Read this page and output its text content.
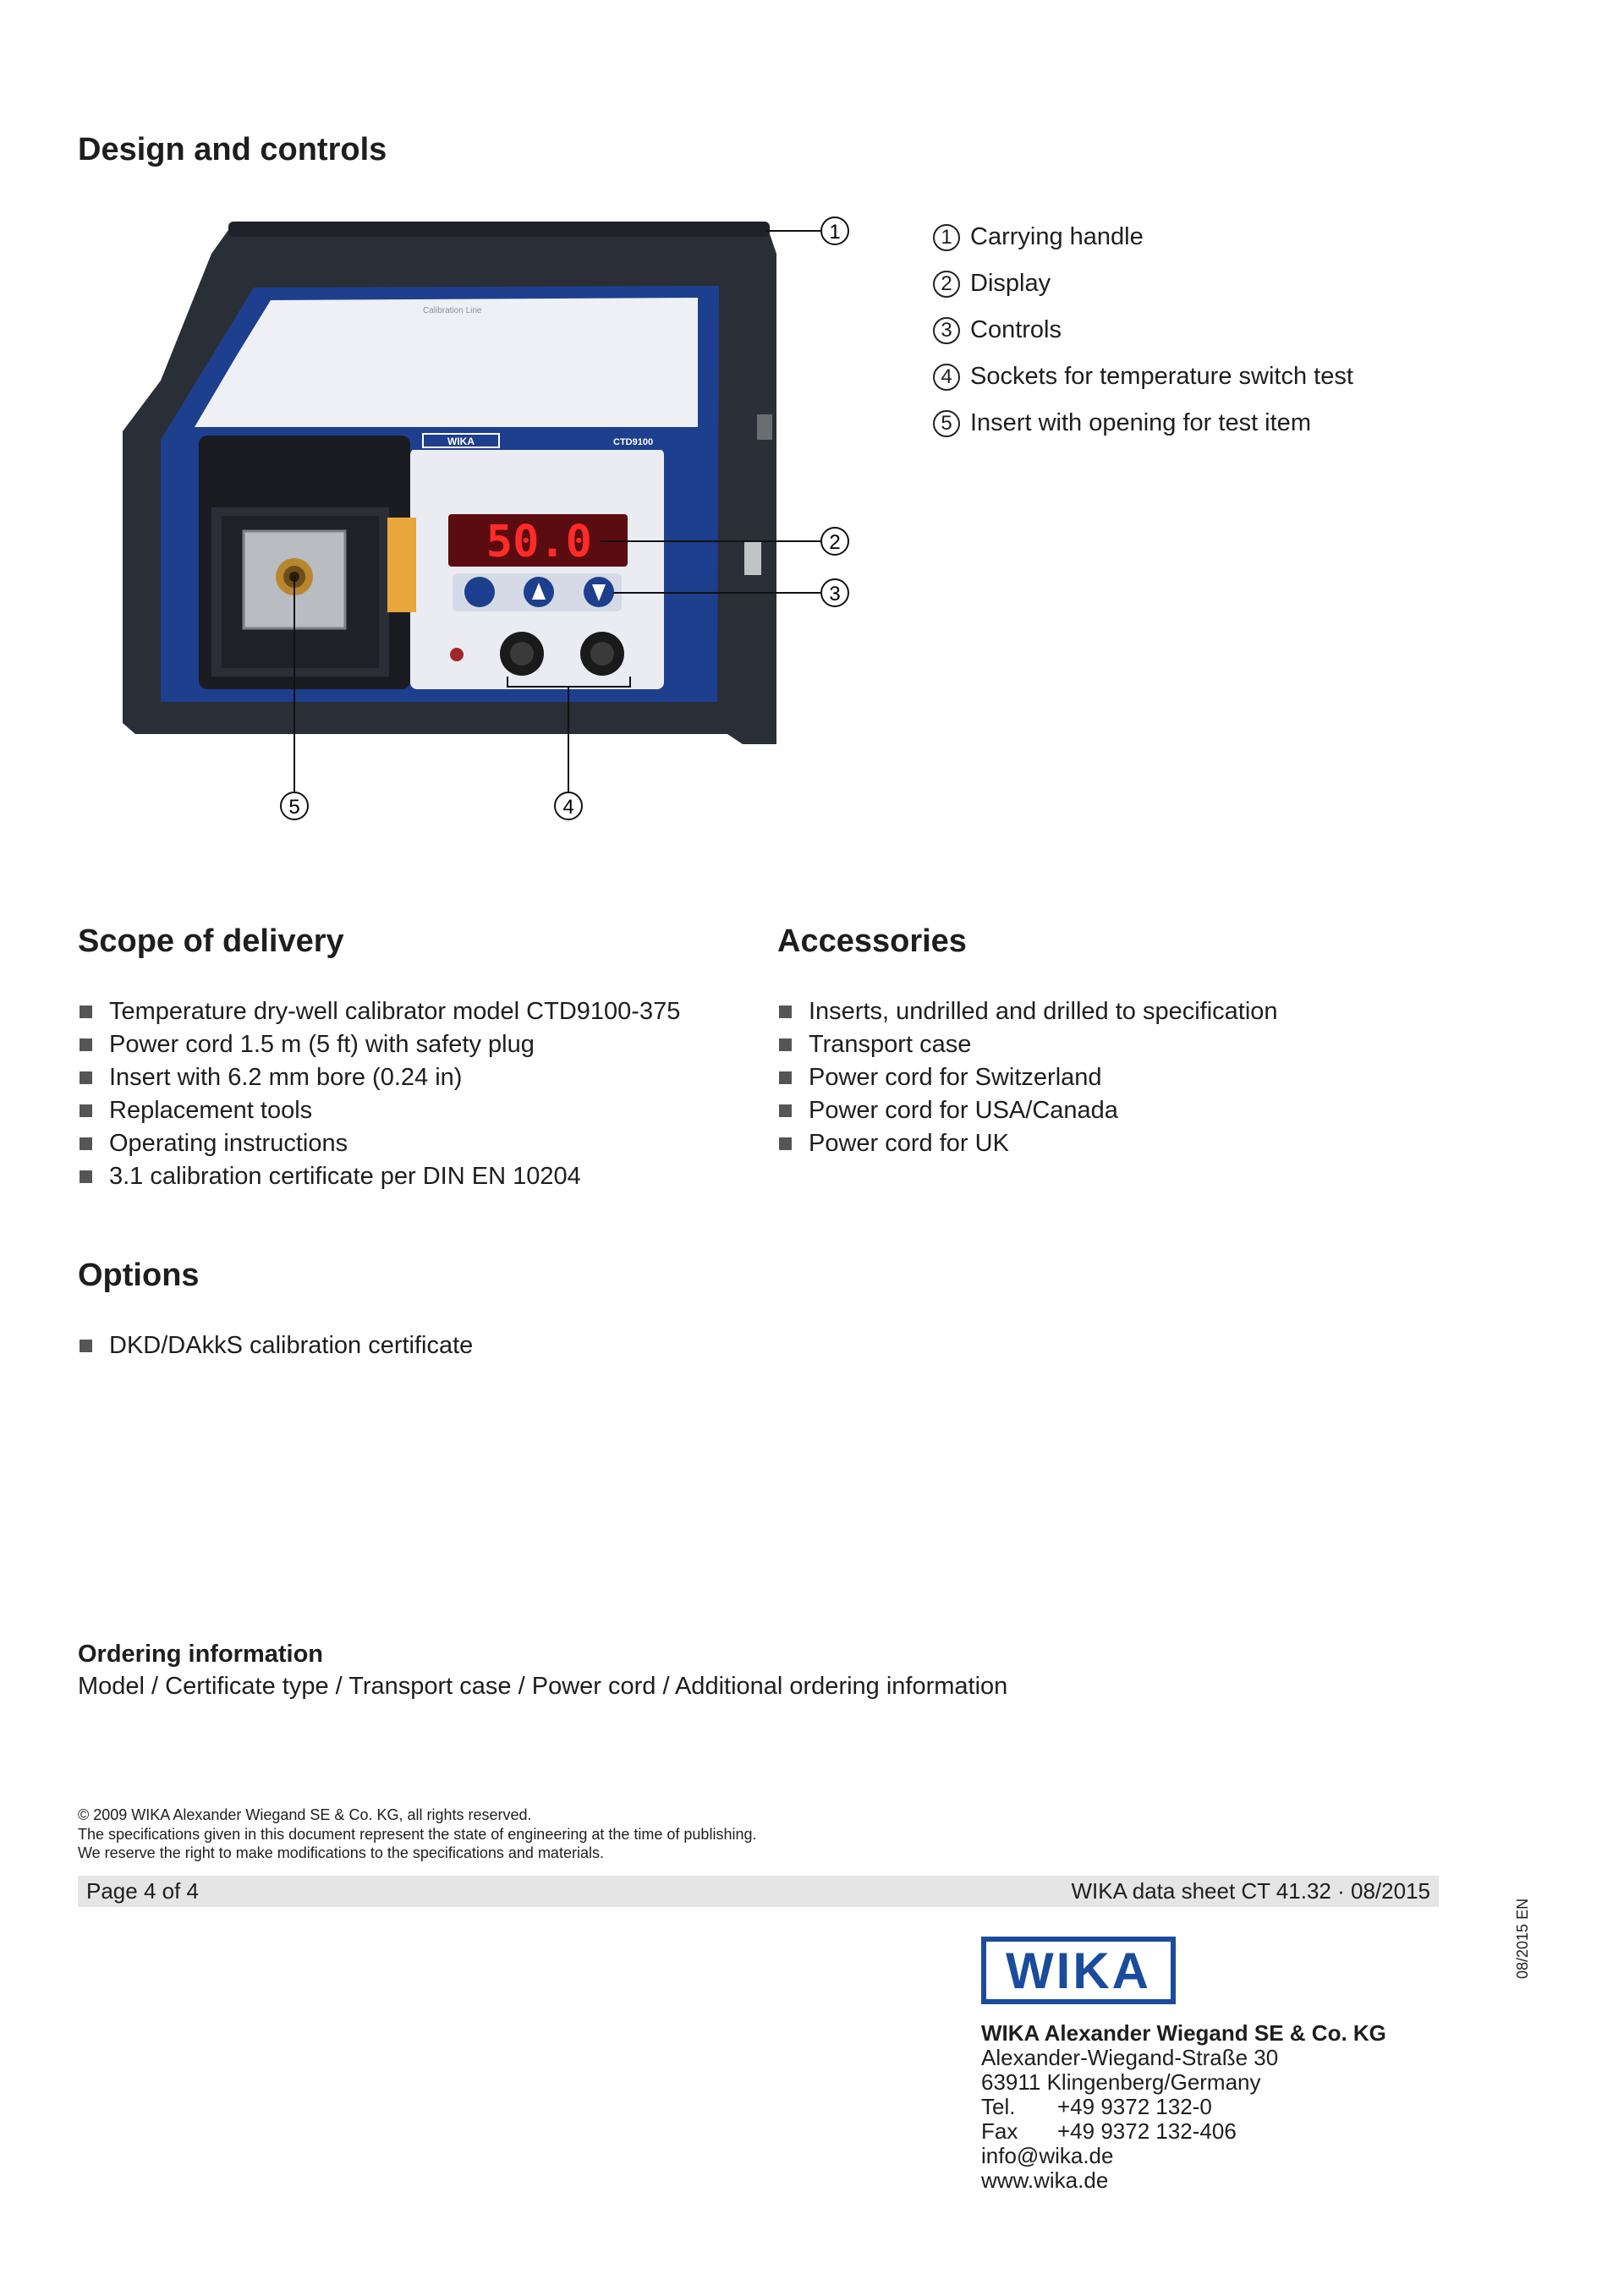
Design and controls
Calibration Line
WIKA	CTD9100
50.0
1
2
3
4
5
1 Carrying handle
2 Display
3 Controls
4 Sockets for temperature switch test
5 Insert with opening for test item
Scope of delivery
Temperature dry-well calibrator model CTD9100-375
Power cord 1.5 m (5 ft) with safety plug
Insert with 6.2 mm bore (0.24 in)
Replacement tools
Operating instructions
3.1 calibration certificate per DIN EN 10204
Accessories
Inserts, undrilled and drilled to specification
Transport case
Power cord for Switzerland
Power cord for USA/Canada
Power cord for UK
Options
DKD/DAkkS calibration certificate
Ordering information
Model / Certificate type / Transport case / Power cord / Additional ordering information
© 2009 WIKA Alexander Wiegand SE & Co. KG, all rights reserved.
The specifications given in this document represent the state of engineering at the time of publishing.
We reserve the right to make modifications to the specifications and materials.
Page 4 of 4	WIKA data sheet CT 41.32 · 08/2015
08/2015 EN
WIKA
WIKA Alexander Wiegand SE & Co. KG
Alexander-Wiegand-Straße 30
63911 Klingenberg/Germany
Tel.	+49 9372 132-0
Fax	+49 9372 132-406
info@wika.de
www.wika.de
